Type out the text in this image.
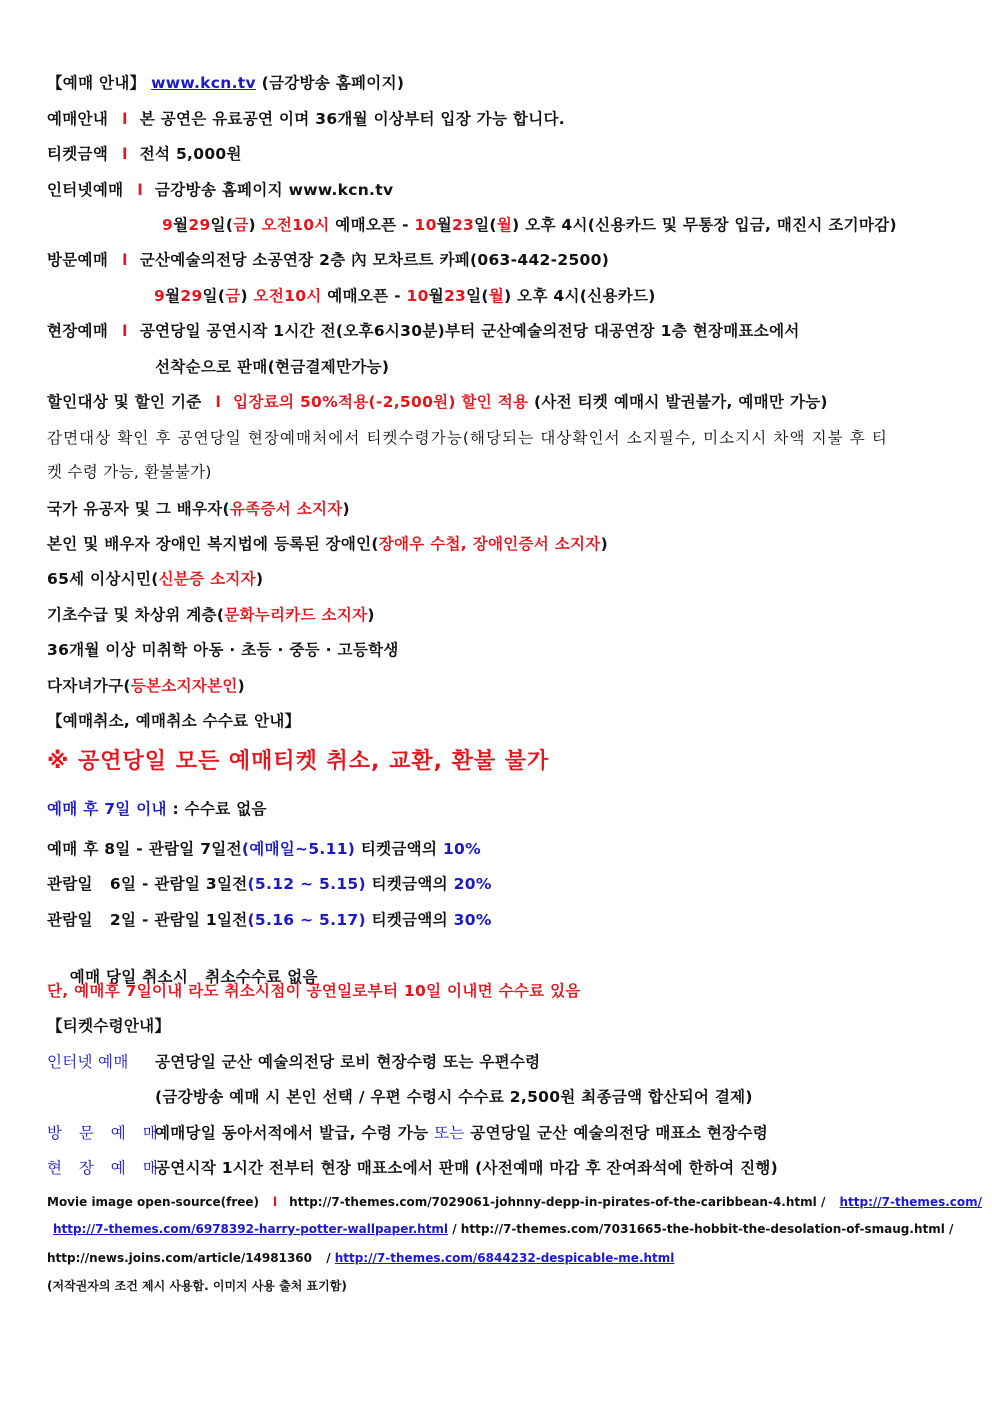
【예매 안내】 www.kcn.tv (금강방송 홈페이지)
예매안내 l 본 공연은 유료공연 이며 36개월 이상부터 입장 가능 합니다.
티켓금액 l 전석 5,000원
인터넷예매 l 금강방송 홈페이지 www.kcn.tv
9월29일(금) 오전10시 예매오픈 - 10월23일(월) 오후 4시(신용카드 및 무통장 입금, 매진시 조기마감)
방문예매 l 군산예술의전당 소공연장 2층 內 모차르트 카페(063-442-2500)
9월29일(금) 오전10시 예매오픈 - 10월23일(월) 오후 4시(신용카드)
현장예매 l 공연당일 공연시작 1시간 전(오후6시30분)부터 군산예술의전당 대공연장 1층 현장매표소에서
선착순으로 판매(현금결제만가능)
할인대상 및 할인 기준 l 입장료의 50%적용(-2,500원) 할인 적용 (사전 티켓 예매시 발권불가, 예매만 가능)
감면대상 확인 후 공연당일 현장예매처에서 티켓수령가능(해당되는 대상확인서 소지필수, 미소지시 차액 지불 후 티
켓 수령 가능, 환불불가)
국가 유공자 및 그 배우자(유족증서 소지자)
본인 및 배우자 장애인 복지법에 등록된 장애인(장애우 수첩, 장애인증서 소지자)
65세 이상시민(신분증 소지자)
기초수급 및 차상위 계층(문화누리카드 소지자)
36개월 이상 미취학 아동 · 초등 · 중등 · 고등학생
다자녀가구(등본소지자본인)
【예매취소, 예매취소 수수료 안내】
※ 공연당일 모든 예매티켓 취소, 교환, 환불 불가
예매 후 7일 이내 : 수수료 없음
예매 후 8일 - 관람일 7일전(예매일~5.11) 티켓금액의 10%
관람일   6일 - 관람일 3일전(5.12 ~ 5.15) 티켓금액의 20%
관람일   2일 - 관람일 1일전(5.16 ~ 5.17) 티켓금액의 30%

예매 당일 취소시   취소수수료 없음

단, 예매후 7일이내 라도 취소시점이 공연일로부터 10일 이내면 수수료 있음
【티켓수령안내】
인터넷 예매 공연당일 군산 예술의전당 로비 현장수령 또는 우편수령
(금강방송 예매 시 본인 선택 / 우편 수령시 수수료 2,500원 최종금액 합산되어 결제)
방 문 예 매예매당일 동아서적에서 발급, 수령 가능 또는 공연당일 군산 예술의전당 매표소 현장수령
현 장 예 매공연시작 1시간 전부터 현장 매표소에서 판매 (사전예매 마감 후 잔여좌석에 한하여 진행)
Movie image open-source(free) l http://7-themes.com/7029061-johnny-depp-in-pirates-of-the-caribbean-4.html / http://7-themes.com/
http://7-themes.com/6978392-harry-potter-wallpaper.html / http://7-themes.com/7031665-the-hobbit-the-desolation-of-smaug.html /
http://news.joins.com/article/14981360 / http://7-themes.com/6844232-despicable-me.html
(저작권자의 조건 제시 사용함. 이미지 사용 출처 표기함)
